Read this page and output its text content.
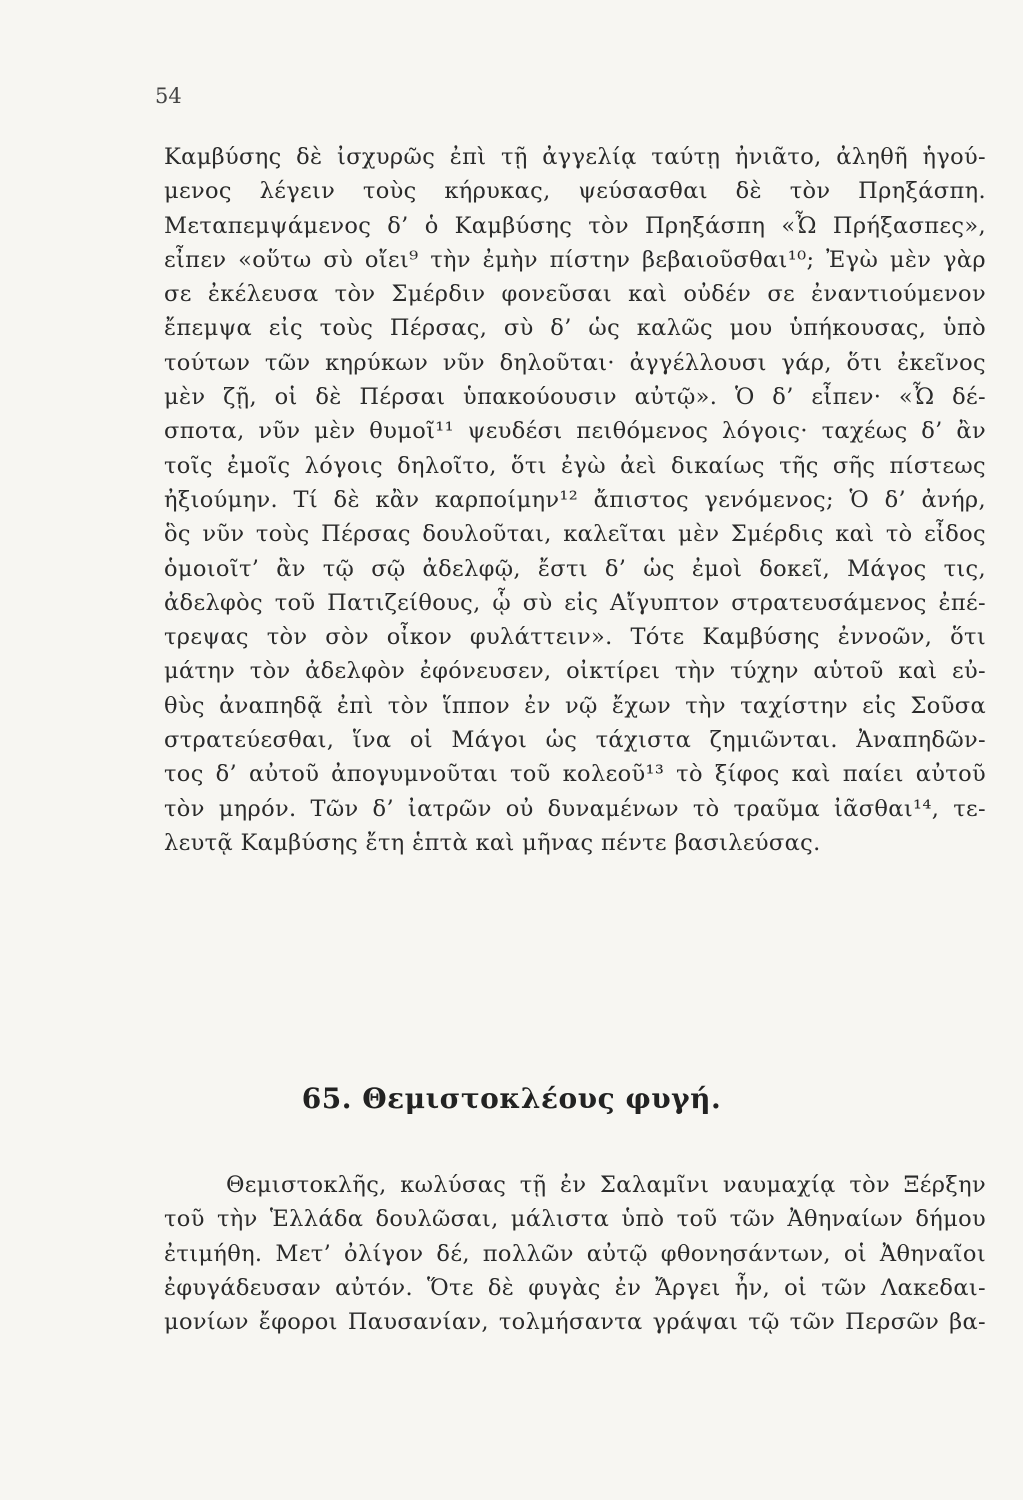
54
Καμβύσης δὲ ἰσχυρῶς ἐπὶ τῇ ἀγγελίᾳ ταύτῃ ἠνιᾶτο, ἀληθῆ ἡγού-
μενος λέγειν τοὺς κήρυκας, ψεύσασθαι δὲ τὸν Πρηξάσπη.
Μεταπεμψάμενος δ’ ὁ Καμβύσης τὸν Πρηξάσπη «Ὦ Πρήξασπες»,
εἶπεν «οὕτω σὺ οἴει⁹ τὴν ἐμὴν πίστην βεβαιοῦσθαι¹⁰; Ἐγὼ μὲν γὰρ
σε ἐκέλευσα τὸν Σμέρδιν φονεῦσαι καὶ οὐδέν σε ἐναντιούμενον
ἔπεμψα εἰς τοὺς Πέρσας, σὺ δ’ ὡς καλῶς μου ὑπήκουσας, ὑπὸ
τούτων τῶν κηρύκων νῦν δηλοῦται· ἀγγέλλουσι γάρ, ὅτι ἐκεῖνος
μὲν ζῇ, οἱ δὲ Πέρσαι ὑπακούουσιν αὐτῷ». Ὁ δ’ εἶπεν· «Ὦ δέ-
σποτα, νῦν μὲν θυμοῖ¹¹ ψευδέσι πειθόμενος λόγοις· ταχέως δ’ ἂν
τοῖς ἐμοῖς λόγοις δηλοῖτο, ὅτι ἐγὼ ἀεὶ δικαίως τῆς σῆς πίστεως
ἠξιούμην. Τί δὲ κἂν καρποίμην¹² ἄπιστος γενόμενος; Ὁ δ’ ἀνήρ,
ὃς νῦν τοὺς Πέρσας δουλοῦται, καλεῖται μὲν Σμέρδις καὶ τὸ εἶδος
ὁμοιοῖτ’ ἂν τῷ σῷ ἀδελφῷ, ἔστι δ’ ὡς ἐμοὶ δοκεῖ, Μάγος τις,
ἀδελφὸς τοῦ Πατιζείθους, ᾧ σὺ εἰς Αἴγυπτον στρατευσάμενος ἐπέ-
τρεψας τὸν σὸν οἶκον φυλάττειν». Τότε Καμβύσης ἐννοῶν, ὅτι
μάτην τὸν ἀδελφὸν ἐφόνευσεν, οἰκτίρει τὴν τύχην αὑτοῦ καὶ εὐ-
θὺς ἀναπηδᾷ ἐπὶ τὸν ἵππον ἐν νῷ ἔχων τὴν ταχίστην εἰς Σοῦσα
στρατεύεσθαι, ἵνα οἱ Μάγοι ὡς τάχιστα ζημιῶνται. Ἀναπηδῶν-
τος δ’ αὐτοῦ ἀπογυμνοῦται τοῦ κολεοῦ¹³ τὸ ξίφος καὶ παίει αὐτοῦ
τὸν μηρόν. Τῶν δ’ ἰατρῶν οὐ δυναμένων τὸ τραῦμα ἰᾶσθαι¹⁴, τε-
λευτᾷ Καμβύσης ἔτη ἑπτὰ καὶ μῆνας πέντε βασιλεύσας.
65. Θεμιστοκλέους φυγή.
Θεμιστοκλῆς, κωλύσας τῇ ἐν Σαλαμῖνι ναυμαχίᾳ τὸν Ξέρξην
τοῦ τὴν Ἑλλάδα δουλῶσαι, μάλιστα ὑπὸ τοῦ τῶν Ἀθηναίων δήμου
ἐτιμήθη. Μετ’ ὀλίγον δέ, πολλῶν αὐτῷ φθονησάντων, οἱ Ἀθηναῖοι
ἐφυγάδευσαν αὐτόν. Ὅτε δὲ φυγὰς ἐν Ἄργει ἦν, οἱ τῶν Λακεδαι-
μονίων ἔφοροι Παυσανίαν, τολμήσαντα γράψαι τῷ τῶν Περσῶν βα-
